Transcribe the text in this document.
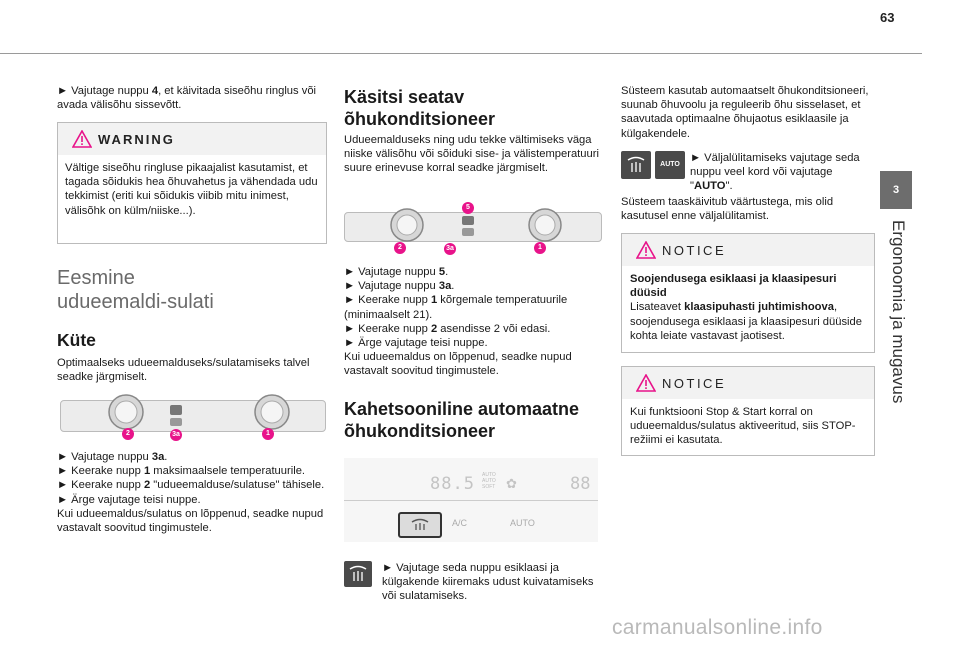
63
3
Ergonoomia ja mugavus
► Vajutage nuppu 4, et käivitada siseõhu ringlus või avada välisõhu sissevõtt.
WARNING
Vältige siseõhu ringluse pikaajalist kasutamist, et tagada sõidukis hea õhuvahetus ja vähendada udu tekkimist (eriti kui sõidukis viibib mitu inimest, välisõhk on külm/niiske...).
Eesmine
udueemaldi-sulati
Küte
Optimaalseks udueemalduseks/sulatamiseks talvel seadke järgmiselt.
2	3a	1
► Vajutage nuppu 3a.
► Keerake nupp 1 maksimaalsele temperatuurile.
► Keerake nupp 2 "udueemalduse/sulatuse" tähisele.
► Ärge vajutage teisi nuppe.
Kui udueemaldus/sulatus on lõppenud, seadke nupud vastavalt soovitud tingimustele.
Käsitsi seatav
õhukonditsioneer
Udueemalduseks ning udu tekke vältimiseks väga niiske välisõhu või sõiduki sise- ja välistemperatuuri suure erinevuse korral seadke järgmiselt.
5
2	3a	1
► Vajutage nuppu 5.
► Vajutage nuppu 3a.
► Keerake nupp 1 kõrgemale temperatuurile (minimaalselt 21).
► Keerake nupp 2 asendisse 2 või edasi.
► Ärge vajutage teisi nuppe.
Kui udueemaldus on lõppenud, seadke nupud vastavalt soovitud tingimustele.
Kahetsooniline automaatne
õhukonditsioneer
88.5 AUTO
AUTO
SOFT ✿	88
A/C	AUTO
► Vajutage seda nuppu esiklaasi ja külgakende kiiremaks udust kuivatamiseks või sulatamiseks.
Süsteem kasutab automaatselt õhukonditsioneeri, suunab õhuvoolu ja reguleerib õhu sisselaset, et saavutada optimaalne õhujaotus esiklaasile ja külgakendele.
AUTO
► Väljalülitamiseks vajutage seda nuppu veel kord või vajutage "AUTO".
Süsteem taaskäivitub väärtustega, mis olid kasutusel enne väljalülitamist.
NOTICE
Soojendusega esiklaasi ja klaasipesuri düüsid
Lisateavet klaasipuhasti juhtimishoova, soojendusega esiklaasi ja klaasipesuri düüside kohta leiate vastavast jaotisest.
NOTICE
Kui funktsiooni Stop & Start korral on udueemaldus/sulatus aktiveeritud, siis STOP-režiimi ei kasutata.
carmanualsonline.info
